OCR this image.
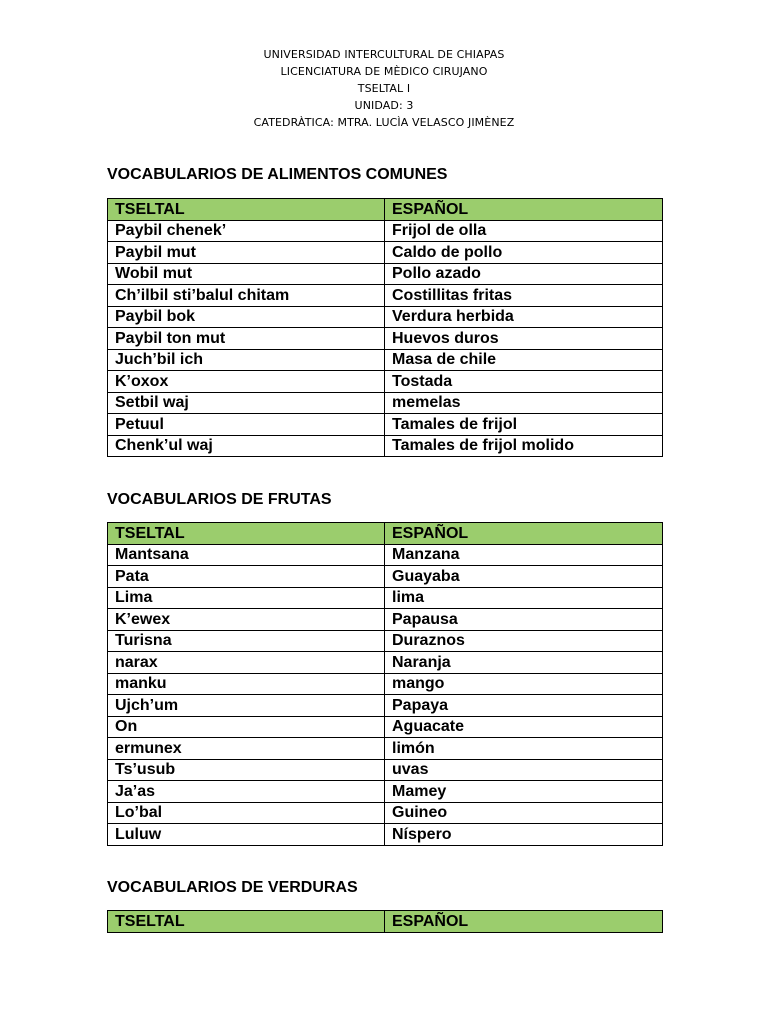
UNIVERSIDAD INTERCULTURAL DE CHIAPAS
LICENCIATURA DE MÈDICO CIRUJANO
TSELTAL I
UNIDAD: 3
CATEDRÀTICA: MTRA. LUCÌA VELASCO JIMÈNEZ
VOCABULARIOS DE ALIMENTOS COMUNES
TSELTAL	ESPAÑOL
Paybil chenek’	Frijol de olla
Paybil mut	Caldo de pollo
Wobil mut	Pollo azado
Ch’ilbil sti’balul chitam	Costillitas fritas
Paybil bok	Verdura herbida
Paybil ton mut	Huevos duros
Juch’bil ich	Masa de chile
K’oxox	Tostada
Setbil waj	memelas
Petuul	Tamales de frijol
Chenk’ul waj	Tamales de frijol molido
VOCABULARIOS DE FRUTAS
TSELTAL	ESPAÑOL
Mantsana	Manzana
Pata	Guayaba
Lima	lima
K’ewex	Papausa
Turisna	Duraznos
narax	Naranja
manku	mango
Ujch’um	Papaya
On	Aguacate
ermunex	limón
Ts’usub	uvas
Ja’as	Mamey
Lo’bal	Guineo
Luluw	Níspero
VOCABULARIOS DE VERDURAS
TSELTAL	ESPAÑOL
